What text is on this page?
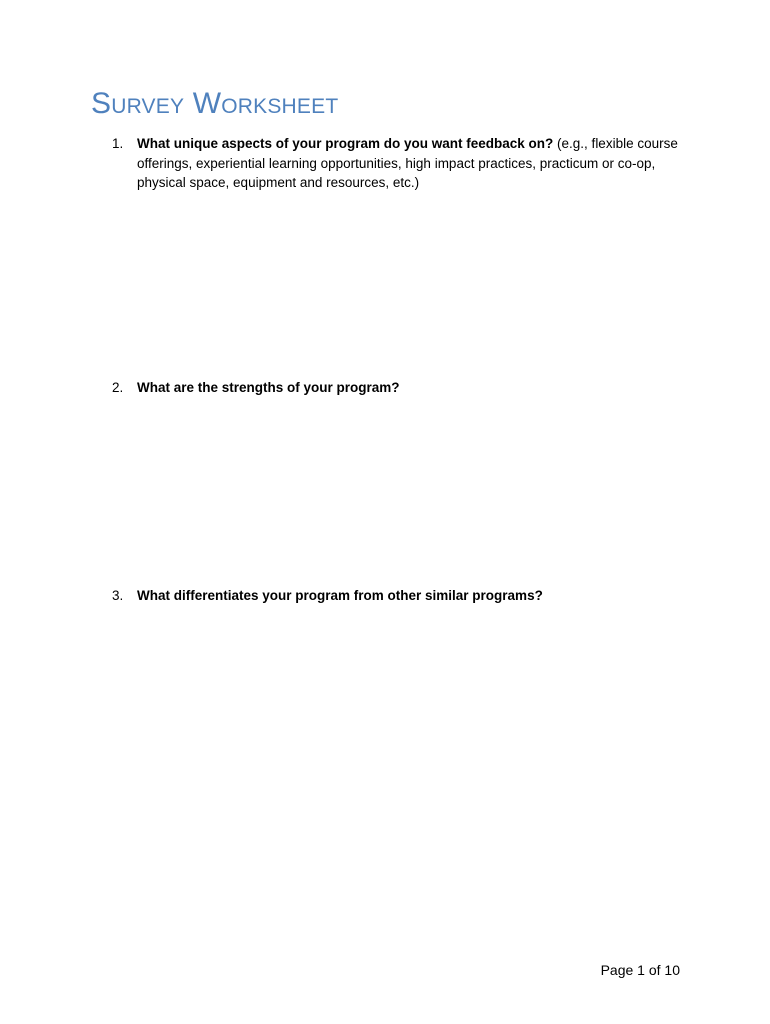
Survey Worksheet
1. What unique aspects of your program do you want feedback on? (e.g., flexible course offerings, experiential learning opportunities, high impact practices, practicum or co-op, physical space, equipment and resources, etc.)
2. What are the strengths of your program?
3. What differentiates your program from other similar programs?
Page 1 of 10
